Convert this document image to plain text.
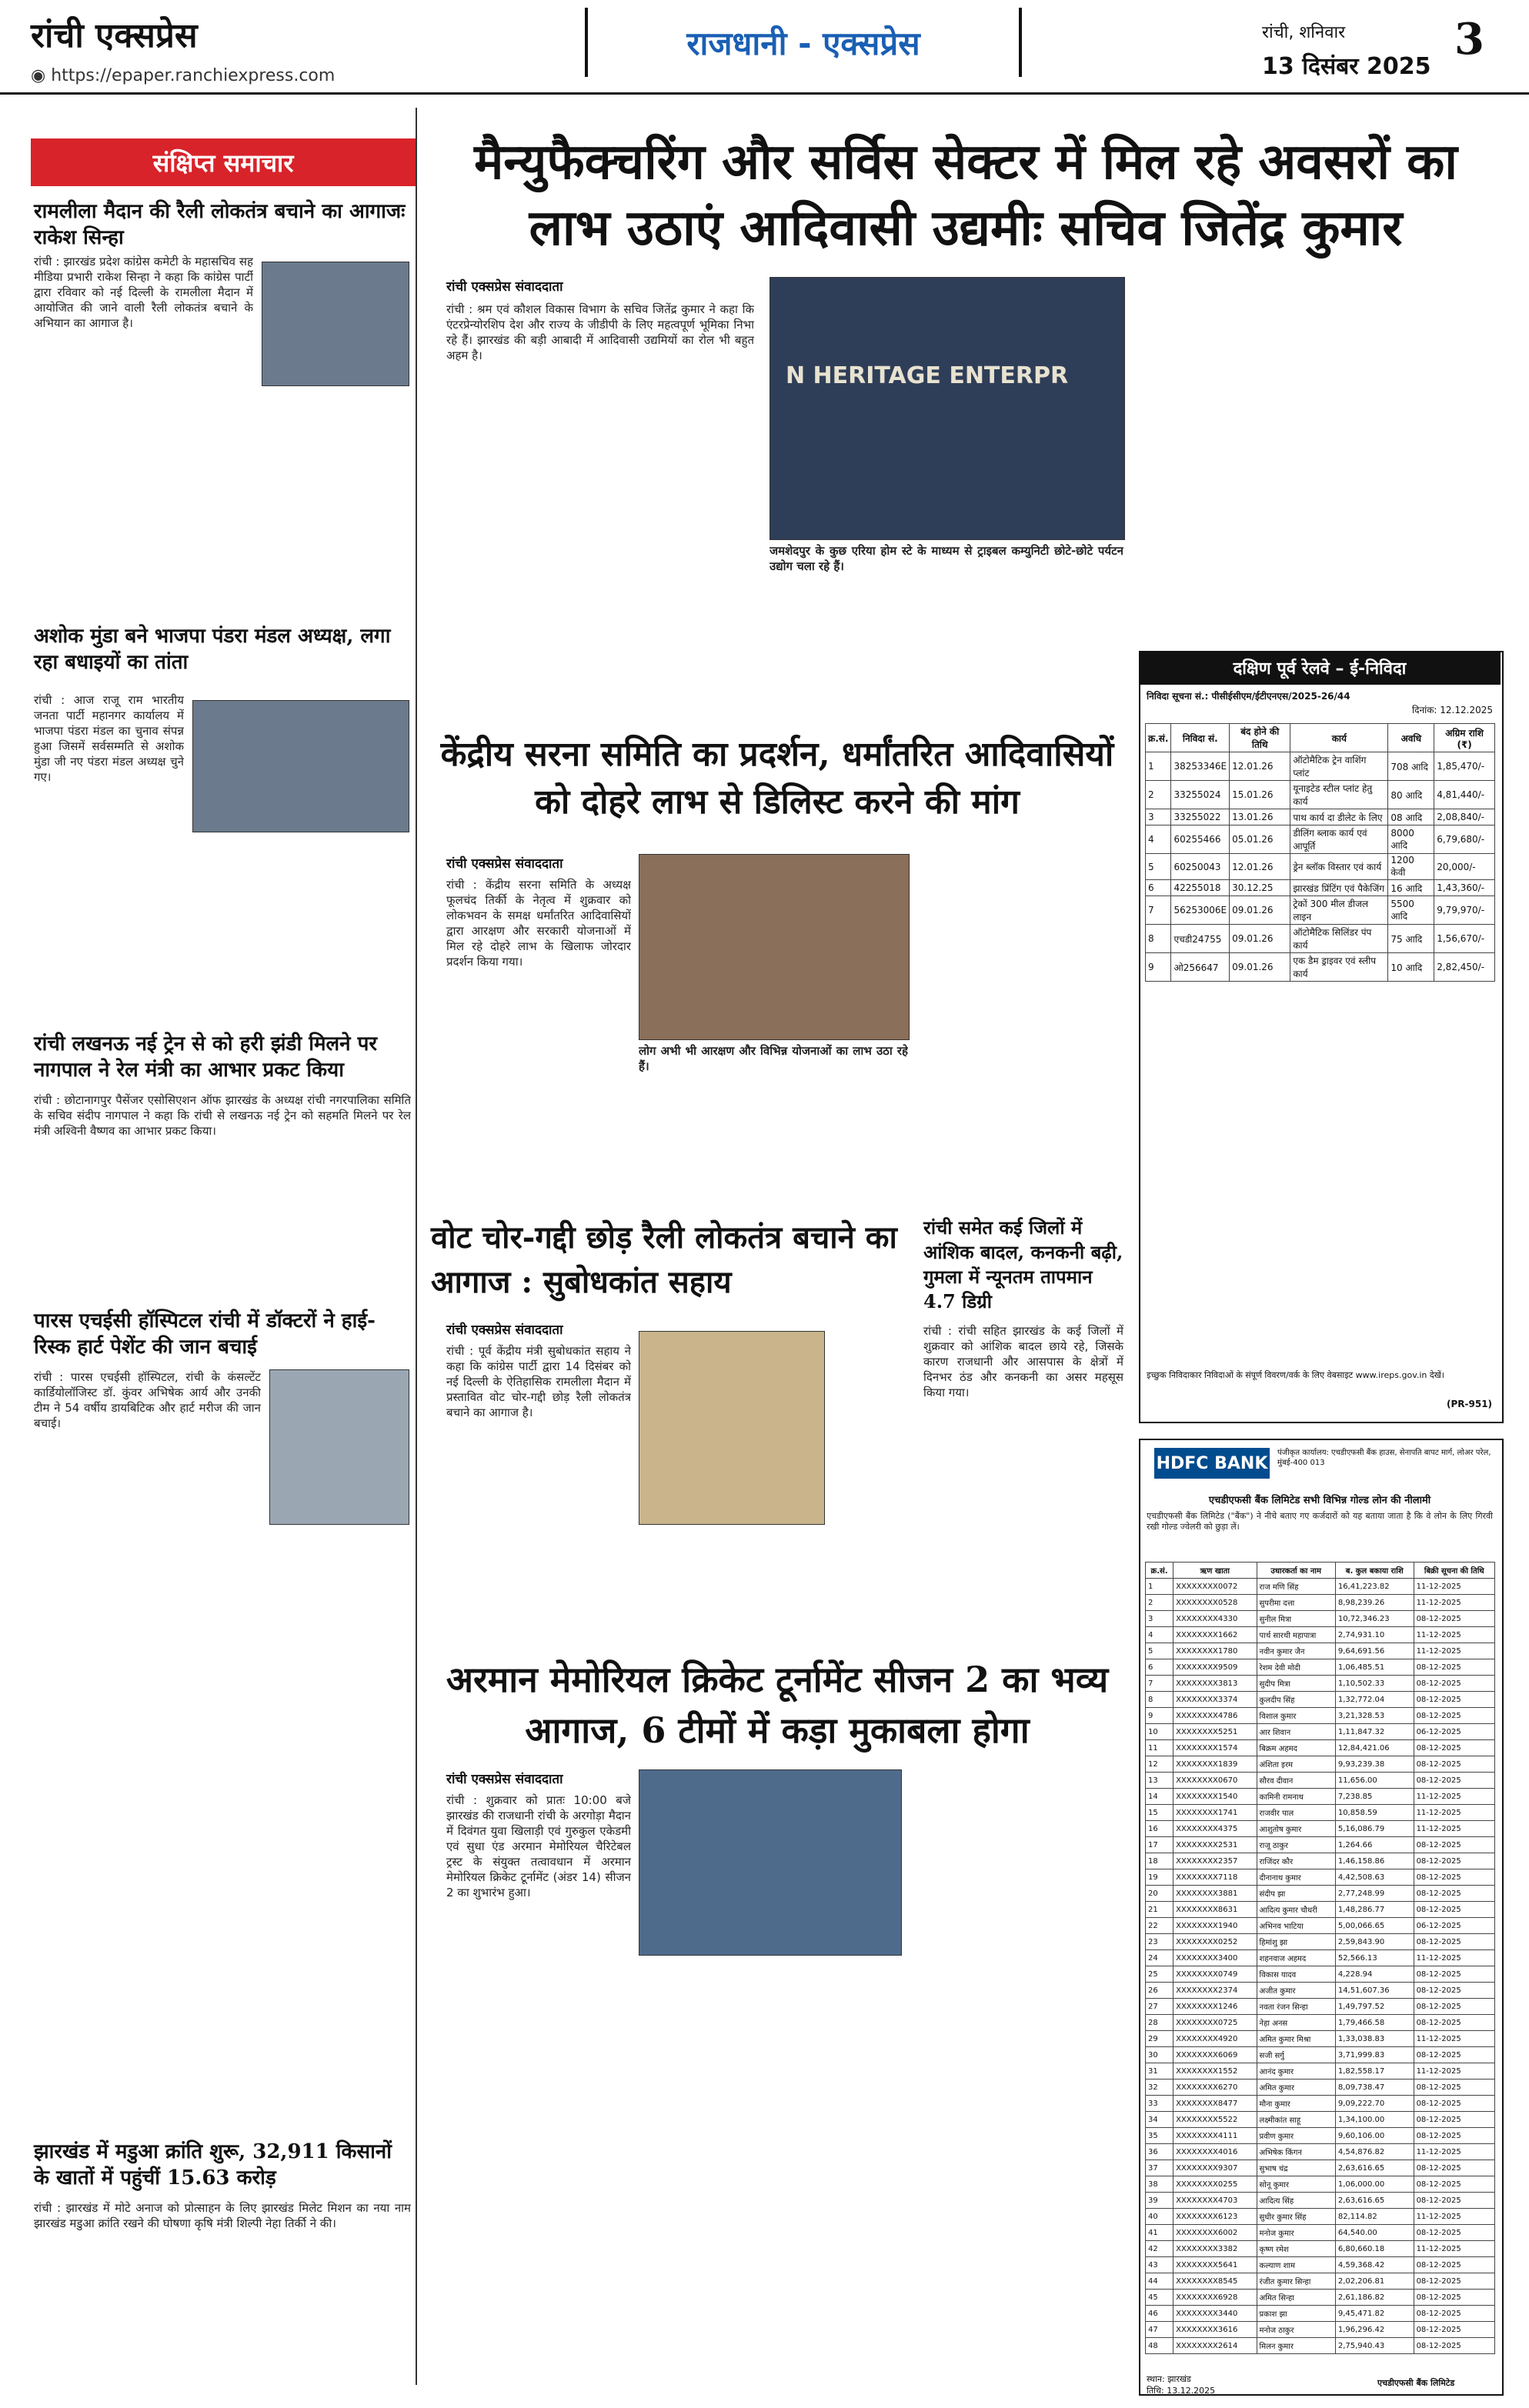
रांची एक्सप्रेस
◉ https://epaper.ranchiexpress.com
राजधानी - एक्सप्रेस	रांची, शनिवार
13 दिसंबर 2025
3
संक्षिप्त समाचार
रामलीला मैदान की रैली लोकतंत्र बचाने का आगाजः राकेश सिन्हा
रांची : झारखंड प्रदेश कांग्रेस कमेटी के महासचिव सह मीडिया प्रभारी राकेश सिन्हा ने कहा कि कांग्रेस पार्टी द्वारा रविवार को नई दिल्ली के रामलीला मैदान में आयोजित की जाने वाली रैली लोकतंत्र बचाने के अभियान का आगाज है।
अशोक मुंडा बने भाजपा पंडरा मंडल अध्यक्ष, लगा रहा बधाइयों का तांता
रांची : आज राजू राम भारतीय जनता पार्टी महानगर कार्यालय में भाजपा पंडरा मंडल का चुनाव संपन्न हुआ जिसमें सर्वसम्मति से अशोक मुंडा जी नए पंडरा मंडल अध्यक्ष चुने गए।
रांची लखनऊ नई ट्रेन से को हरी झंडी मिलने पर नागपाल ने रेल मंत्री का आभार प्रकट किया
रांची : छोटानागपुर पैसेंजर एसोसिएशन ऑफ झारखंड के अध्यक्ष रांची नगरपालिका समिति के सचिव संदीप नागपाल ने कहा कि रांची से लखनऊ नई ट्रेन को सहमति मिलने पर रेल मंत्री अश्विनी वैष्णव का आभार प्रकट किया।
पारस एचईसी हॉस्पिटल रांची में डॉक्टरों ने हाई-रिस्क हार्ट पेशेंट की जान बचाई
रांची : पारस एचईसी हॉस्पिटल, रांची के कंसल्टेंट कार्डियोलॉजिस्ट डॉ. कुंवर अभिषेक आर्य और उनकी टीम ने 54 वर्षीय डायबिटिक और हार्ट मरीज की जान बचाई।
झारखंड में मडुआ क्रांति शुरू, 32,911 किसानों के खातों में पहुंचीं 15.63 करोड़
रांची : झारखंड में मोटे अनाज को प्रोत्साहन के लिए झारखंड मिलेट मिशन का नया नाम झारखंड मडुआ क्रांति रखने की घोषणा कृषि मंत्री शिल्पी नेहा तिर्की ने की।
मैन्युफैक्चरिंग और सर्विस सेक्टर में मिल रहे अवसरों का लाभ उठाएं आदिवासी उद्यमीः सचिव जितेंद्र कुमार
रांची एक्सप्रेस संवाददाता
रांची : श्रम एवं कौशल विकास विभाग के सचिव जितेंद्र कुमार ने कहा कि एंटरप्रेन्योरशिप देश और राज्य के जीडीपी के लिए महत्वपूर्ण भूमिका निभा रहे हैं। झारखंड की बड़ी आबादी में आदिवासी उद्यमियों का रोल भी बहुत अहम है।
N HERITAGE ENTERPR
जमशेदपुर के कुछ एरिया होम स्टे के माध्यम से ट्राइबल कम्युनिटी छोटे-छोटे पर्यटन उद्योग चला रहे हैं।
केंद्रीय सरना समिति का प्रदर्शन, धर्मांतरित आदिवासियों को दोहरे लाभ से डिलिस्ट करने की मांग
रांची एक्सप्रेस संवाददाता
रांची : केंद्रीय सरना समिति के अध्यक्ष फूलचंद तिर्की के नेतृत्व में शुक्रवार को लोकभवन के समक्ष धर्मांतरित आदिवासियों द्वारा आरक्षण और सरकारी योजनाओं में मिल रहे दोहरे लाभ के खिलाफ जोरदार प्रदर्शन किया गया।
लोग अभी भी आरक्षण और विभिन्न योजनाओं का लाभ उठा रहे हैं।
वोट चोर-गद्दी छोड़ रैली लोकतंत्र बचाने का आगाज : सुबोधकांत सहाय
रांची एक्सप्रेस संवाददाता
रांची : पूर्व केंद्रीय मंत्री सुबोधकांत सहाय ने कहा कि कांग्रेस पार्टी द्वारा 14 दिसंबर को नई दिल्ली के ऐतिहासिक रामलीला मैदान में प्रस्तावित वोट चोर-गद्दी छोड़ रैली लोकतंत्र बचाने का आगाज है।
रांची समेत कई जिलों में आंशिक बादल, कनकनी बढ़ी, गुमला में न्यूनतम तापमान 4.7 डिग्री
रांची : रांची सहित झारखंड के कई जिलों में शुक्रवार को आंशिक बादल छाये रहे, जिसके कारण राजधानी और आसपास के क्षेत्रों में दिनभर ठंड और कनकनी का असर महसूस किया गया।
अरमान मेमोरियल क्रिकेट टूर्नामेंट सीजन 2 का भव्य आगाज, 6 टीमों में कड़ा मुकाबला होगा
रांची एक्सप्रेस संवाददाता
रांची : शुक्रवार को प्रातः 10:00 बजे झारखंड की राजधानी रांची के अरगोड़ा मैदान में दिवंगत युवा खिलाड़ी एवं गुरुकुल एकेडमी एवं सुधा एंड अरमान मेमोरियल चैरिटेबल ट्रस्ट के संयुक्त तत्वावधान में अरमान मेमोरियल क्रिकेट टूर्नामेंट (अंडर 14) सीजन 2 का शुभारंभ हुआ।
दक्षिण पूर्व रेलवे – ई-निविदा
निविदा सूचना सं.: पीसीईसीएम/ईटीएनएस/2025-26/44
दिनांक: 12.12.2025
क्र.सं.	निविदा सं.	बंद होने की तिथि	कार्य	अवधि	अग्रिम राशि (₹)
1	38253346E	12.01.26	ऑटोमैटिक ट्रेन वाशिंग प्लांट	708 आदि	1,85,470/-
2	33255024	15.01.26	यूनाइटेड स्टील प्लांट हेतु कार्य	80 आदि	4,81,440/-
3	33255022	13.01.26	पाथ कार्य दा डीलेट के लिए	08 आदि	2,08,840/-
4	60255466	05.01.26	डीलिंग ब्लाक कार्य एवं आपूर्ति	8000 आदि	6,79,680/-
5	60250043	12.01.26	ड्रेन ब्लॉक विस्तार एवं कार्य	1200 केवी	20,000/-
6	42255018	30.12.25	झारखंड प्रिंटिंग एवं पैकेजिंग	16 आदि	1,43,360/-
7	56253006E	09.01.26	ट्रेकों 300 मील डीजल लाइन	5500 आदि	9,79,970/-
8	एचडी24755	09.01.26	ऑटोमैटिक सिलिंडर पंप कार्य	75 आदि	1,56,670/-
9	ओ256647	09.01.26	एक डैम ड्राइवर एवं स्लीप कार्य	10 आदि	2,82,450/-
इच्छुक निविदाकार निविदाओं के संपूर्ण विवरण/वर्क के लिए वेबसाइट www.ireps.gov.in देखें।
(PR-951)
HDFC BANK
पंजीकृत कार्यालय: एचडीएफसी बैंक हाउस, सेनापति बापट मार्ग, लोअर परेल, मुंबई-400 013
एचडीएफसी बैंक लिमिटेड सभी विभिन्न गोल्ड लोन की नीलामी
एचडीएफसी बैंक लिमिटेड ("बैंक") ने नीचे बताए गए कर्जदारों को यह बताया जाता है कि वे लोन के लिए गिरवी रखी गोल्ड ज्वेलरी को छुड़ा लें।
क्र.सं.	ऋण खाता	उधारकर्ता का नाम	ब. कुल बकाया राशि	बिक्री सूचना की तिथि
1	XXXXXXXX0072	राज मणि सिंह	16,41,223.82	11-12-2025
2	XXXXXXXX0528	सुपरीमा दत्ता	8,98,239.26	11-12-2025
3	XXXXXXXX4330	सुनील मित्रा	10,72,346.23	08-12-2025
4	XXXXXXXX1662	पार्थ सारथी महापात्रा	2,74,931.10	11-12-2025
5	XXXXXXXX1780	नवीन कुमार जैन	9,64,691.56	11-12-2025
6	XXXXXXXX9509	रेशम देवी मोदी	1,06,485.51	08-12-2025
7	XXXXXXXX3813	सुदीप मित्रा	1,10,502.33	08-12-2025
8	XXXXXXXX3374	कुलदीप सिंह	1,32,772.04	08-12-2025
9	XXXXXXXX4786	विशाल कुमार	3,21,328.53	08-12-2025
10	XXXXXXXX5251	आर शिवान	1,11,847.32	06-12-2025
11	XXXXXXXX1574	बिक्रम अहमद	12,84,421.06	08-12-2025
12	XXXXXXXX1839	अंशिता इरम	9,93,239.38	08-12-2025
13	XXXXXXXX0670	सौरव दीवान	11,656.00	08-12-2025
14	XXXXXXXX1540	कामिनी रामनाथ	7,238.85	11-12-2025
15	XXXXXXXX1741	राजवीर पाल	10,858.59	11-12-2025
16	XXXXXXXX4375	आशुतोष कुमार	5,16,086.79	11-12-2025
17	XXXXXXXX2531	राजू ठाकुर	1,264.66	08-12-2025
18	XXXXXXXX2357	राजिंदर कौर	1,46,158.86	08-12-2025
19	XXXXXXXX7118	दीनानाथ कुमार	4,42,508.63	08-12-2025
20	XXXXXXXX3881	संदीप झा	2,77,248.99	08-12-2025
21	XXXXXXXX8631	आदित्य कुमार चौधरी	1,48,286.77	08-12-2025
22	XXXXXXXX1940	अभिनव भाटिया	5,00,066.65	06-12-2025
23	XXXXXXXX0252	हिमांशु झा	2,59,843.90	08-12-2025
24	XXXXXXXX3400	शहनवाज अहमद	52,566.13	11-12-2025
25	XXXXXXXX0749	विकास यादव	4,228.94	08-12-2025
26	XXXXXXXX2374	अजीत कुमार	14,51,607.36	08-12-2025
27	XXXXXXXX1246	नवता रंजन सिन्हा	1,49,797.52	08-12-2025
28	XXXXXXXX0725	नेहा अनस	1,79,466.58	08-12-2025
29	XXXXXXXX4920	अमित कुमार मिश्रा	1,33,038.83	11-12-2025
30	XXXXXXXX6069	सजी सर्गु	3,71,999.83	08-12-2025
31	XXXXXXXX1552	आनंद कुमार	1,82,558.17	11-12-2025
32	XXXXXXXX6270	अमित कुमार	8,09,738.47	08-12-2025
33	XXXXXXXX8477	मौना कुमार	9,09,222.70	08-12-2025
34	XXXXXXXX5522	लक्ष्मीकांत साहू	1,34,100.00	08-12-2025
35	XXXXXXXX4111	प्रवीण कुमार	9,60,106.00	08-12-2025
36	XXXXXXXX4016	अभिषेक किंगन	4,54,876.82	11-12-2025
37	XXXXXXXX9307	सुभाष चंद्र	2,63,616.65	08-12-2025
38	XXXXXXXX0255	सोनू कुमार	1,06,000.00	08-12-2025
39	XXXXXXXX4703	आदित्य सिंह	2,63,616.65	08-12-2025
40	XXXXXXXX6123	सुधीर कुमार सिंह	82,114.82	11-12-2025
41	XXXXXXXX6002	मनोज कुमार	64,540.00	08-12-2025
42	XXXXXXXX3382	कृष्ण रमेश	6,80,660.18	11-12-2025
43	XXXXXXXX5641	कल्याण शाम	4,59,368.42	08-12-2025
44	XXXXXXXX8545	रंजीत कुमार सिन्हा	2,02,206.81	08-12-2025
45	XXXXXXXX6928	अमित सिन्हा	2,61,186.82	08-12-2025
46	XXXXXXXX3440	प्रकाश झा	9,45,471.82	08-12-2025
47	XXXXXXXX3616	मनोज ठाकुर	1,96,296.42	08-12-2025
48	XXXXXXXX2614	मिलन कुमार	2,75,940.43	08-12-2025
स्थान: झारखंड
तिथि: 13.12.2025
एचडीएफसी बैंक लिमिटेड
